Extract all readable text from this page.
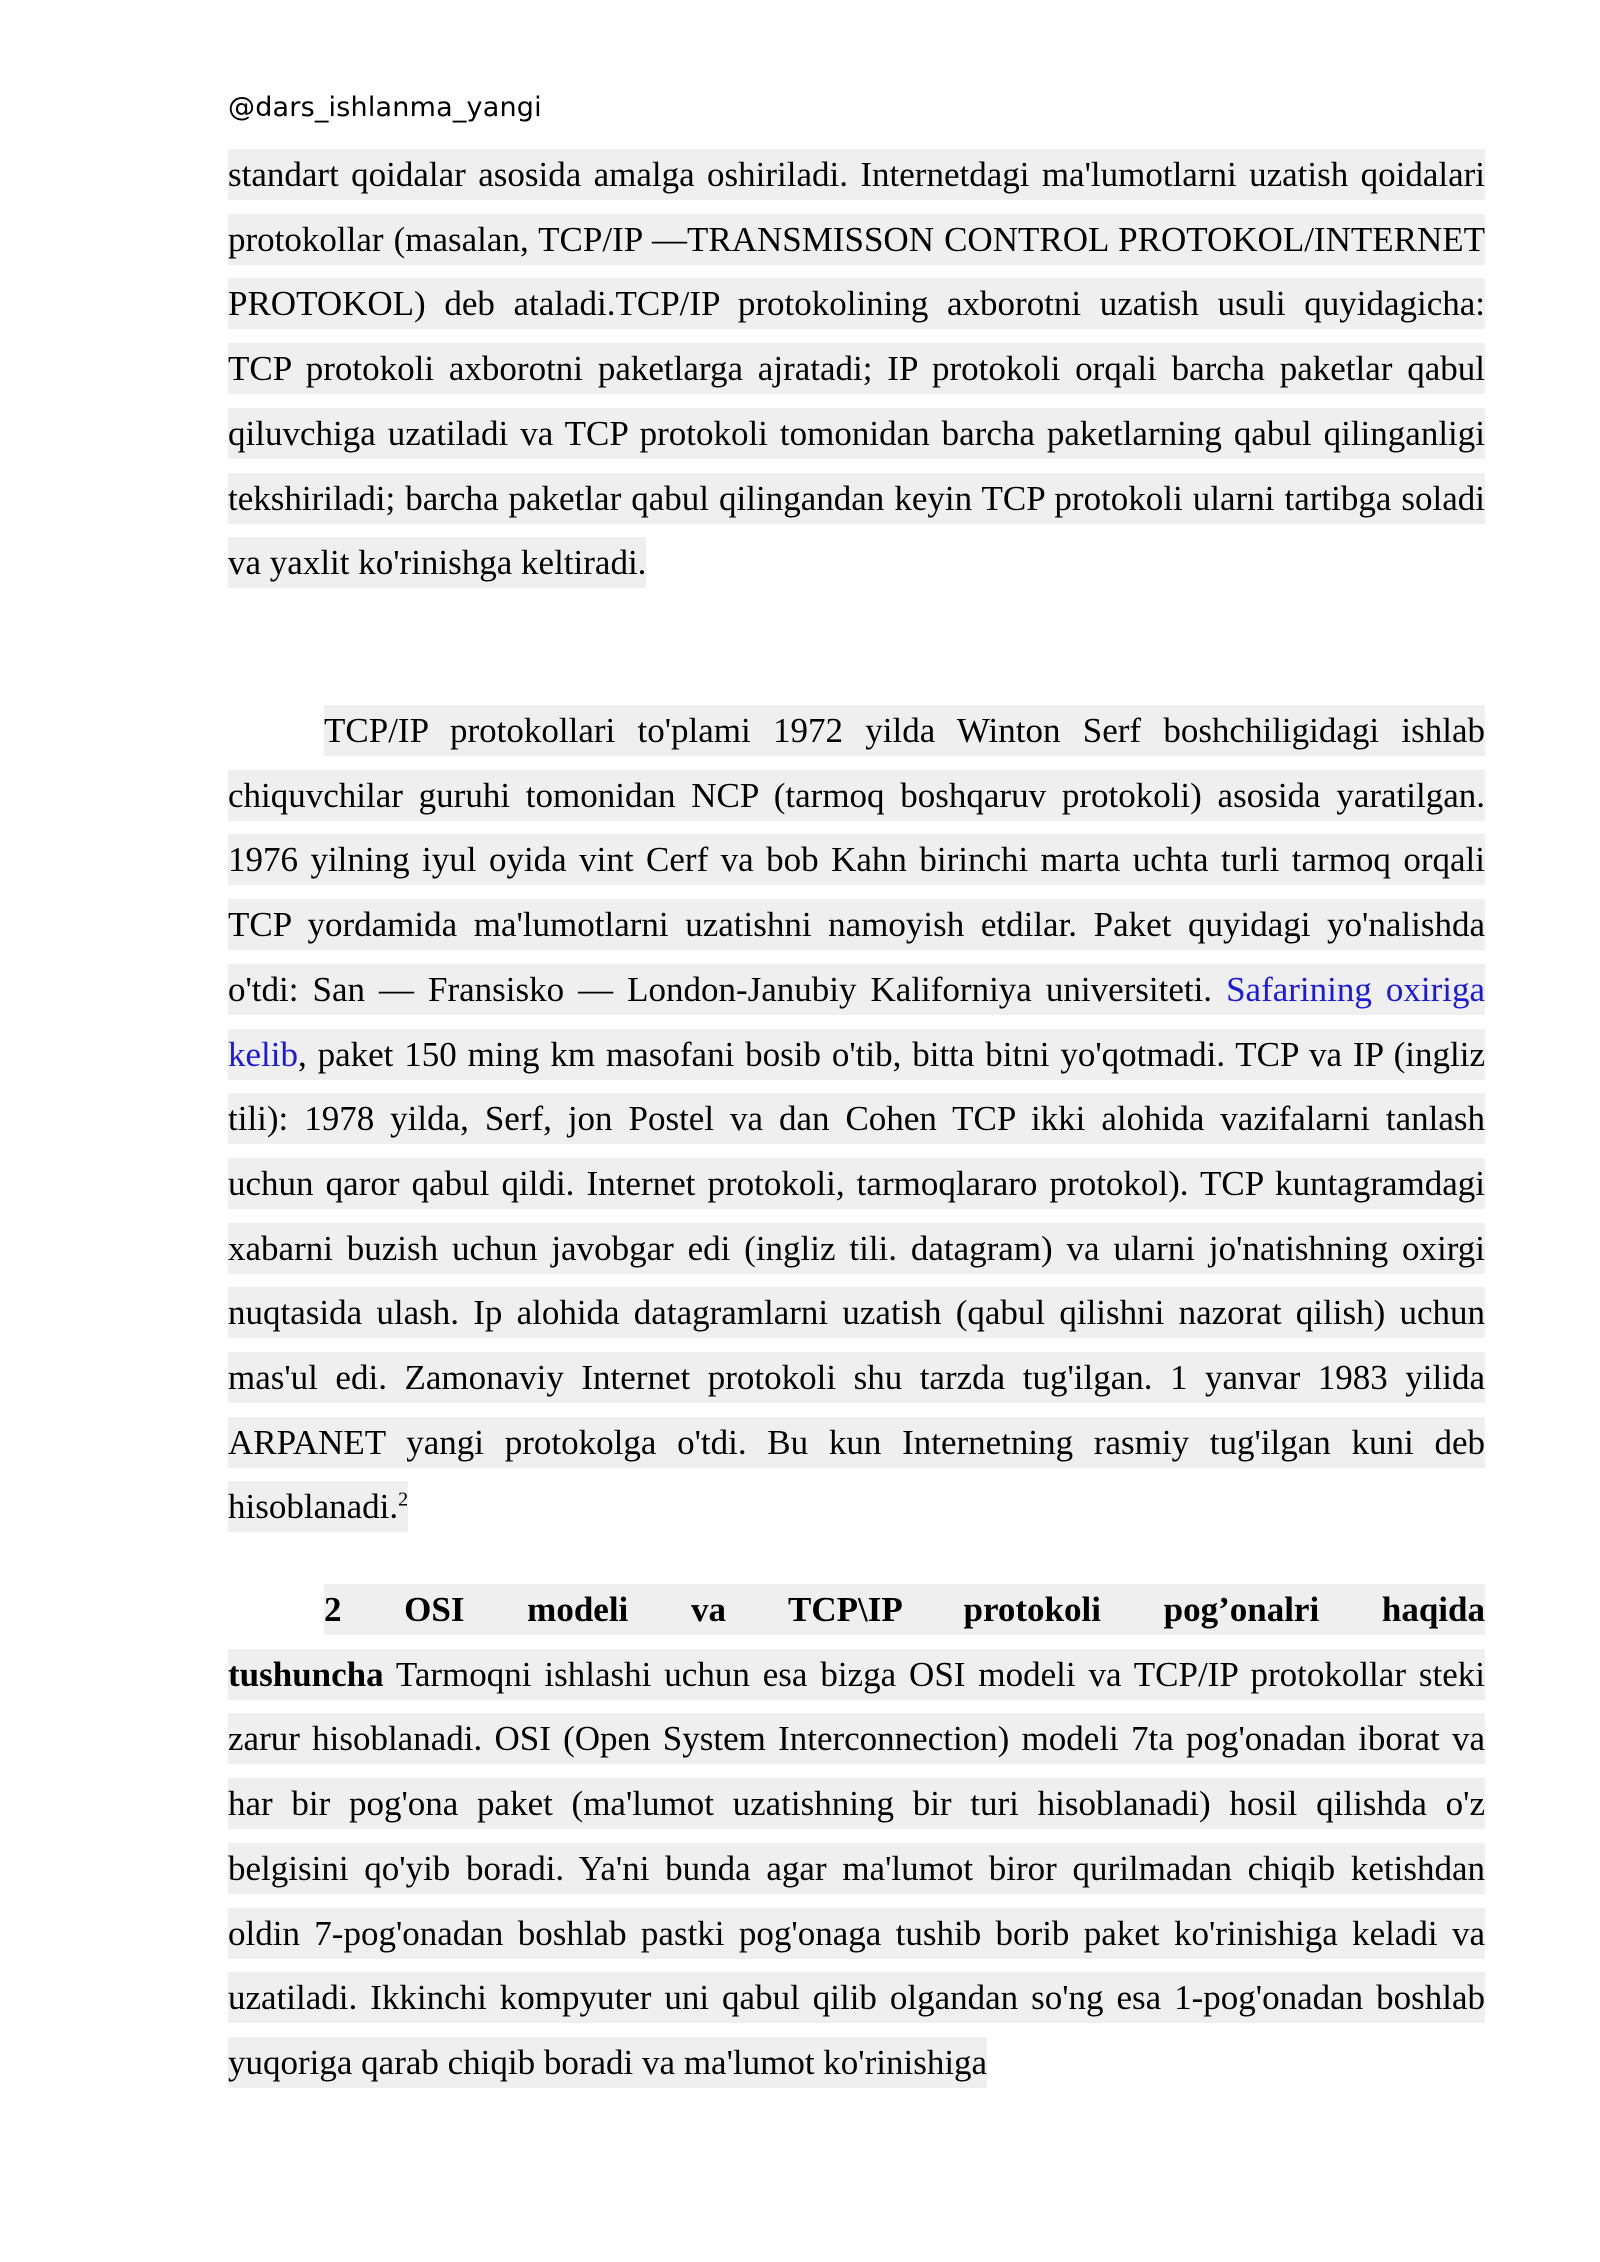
@dars_ishlanma_yangi

standart qoidalar asosida amalga oshiriladi. Internetdagi ma'lumotlarni uzatish qoidalari protokollar (masalan, TCP/IP —TRANSMISSON CONTROL PROTOKOL/INTERNET PROTOKOL) deb ataladi.TCP/IP protokolining axborotni uzatish usuli quyidagicha: TCP protokoli axborotni paketlarga ajratadi; IP protokoli orqali barcha paketlar qabul qiluvchiga uzatiladi va TCP protokoli tomonidan barcha paketlarning qabul qilinganligi tekshiriladi; barcha paketlar qabul qilingandan keyin TCP protokoli ularni tartibga soladi va yaxlit ko'rinishga keltiradi.

TCP/IP protokollari to'plami 1972 yilda Winton Serf boshchiligidagi ishlab chiquvchilar guruhi tomonidan NCP (tarmoq boshqaruv protokoli) asosida yaratilgan. 1976 yilning iyul oyida vint Cerf va bob Kahn birinchi marta uchta turli tarmoq orqali TCP yordamida ma'lumotlarni uzatishni namoyish etdilar. Paket quyidagi yo'nalishda o'tdi: San — Fransisko — London-Janubiy Kaliforniya universiteti. Safarining oxiriga kelib, paket 150 ming km masofani bosib o'tib, bitta bitni yo'qotmadi. TCP va IP (ingliz tili): 1978 yilda, Serf, jon Postel va dan Cohen TCP ikki alohida vazifalarni tanlash uchun qaror qabul qildi. Internet protokoli, tarmoqlararo protokol). TCP kuntagramdagi xabarni buzish uchun javobgar edi (ingliz tili. datagram) va ularni jo'natishning oxirgi nuqtasida ulash. Ip alohida datagramlarni uzatish (qabul qilishni nazorat qilish) uchun mas'ul edi. Zamonaviy Internet protokoli shu tarzda tug'ilgan. 1 yanvar 1983 yilida ARPANET yangi protokolga o'tdi. Bu kun Internetning rasmiy tug'ilgan kuni deb hisoblanadi.$^2$

2 OSI modeli va TCP\IP protokoli pog’onalri haqida tushuncha Tarmoqni ishlashi uchun esa bizga OSI modeli va TCP/IP protokollar steki zarur hisoblanadi. OSI (Open System Interconnection) modeli 7ta pog'onadan iborat va har bir pog'ona paket (ma'lumot uzatishning bir turi hisoblanadi) hosil qilishda o'z belgisini qo'yib boradi. Ya'ni bunda agar ma'lumot biror qurilmadan chiqib ketishdan oldin 7-pog'onadan boshlab pastki pog'onaga tushib borib paket ko'rinishiga keladi va uzatiladi. Ikkinchi kompyuter uni qabul qilib olgandan so'ng esa 1-pog'onadan boshlab yuqoriga qarab chiqib boradi va ma'lumot ko'rinishiga
